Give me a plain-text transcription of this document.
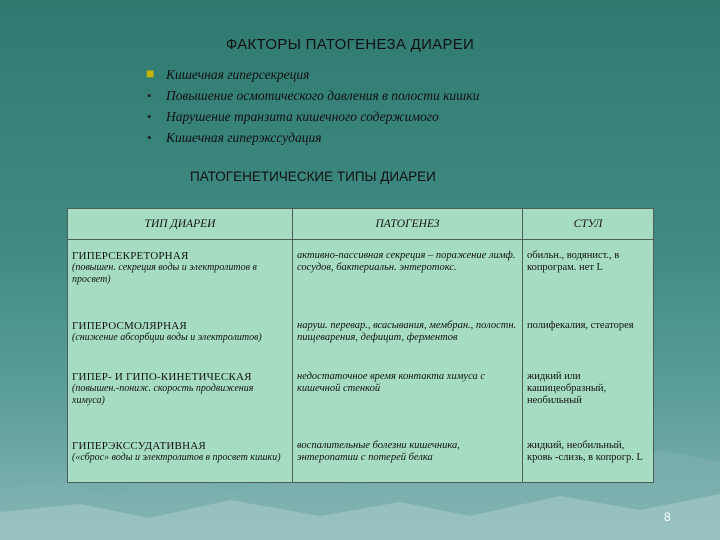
ФАКТОРЫ ПАТОГЕНЕЗА ДИАРЕИ
■ Кишечная гиперсекреция
• Повышение осмотического давления в полости кишки
• Нарушение транзита кишечного содержимого
• Кишечная гиперэкссудация
ПАТОГЕНЕТИЧЕСКИЕ ТИПЫ ДИАРЕИ
ТИП ДИАРЕИ	ПАТОГЕНЕЗ	СТУЛ

ГИПЕРСЕКРЕТОРНАЯ
(повышен. секреция воды и электролитов в просвет)	активно-пассивная секреция – поражение лимф. сосудов, бактериальн. энтеротокс.	обильн., водянист., в копрограм. нет L

ГИПЕРОСМОЛЯРНАЯ
(снижение абсорбции воды и электролитов)	наруш. перевар., всасывания, мембран., полостн. пищеварения, дефицит, ферментов	полифекалия, стеаторея

ГИПЕР- И ГИПО-КИНЕТИЧЕСКАЯ
(повышен.-пониж. скорость продвижения химуса)	недостаточное время контакта химуса с кишечной стенкой	жидкий или кашицеобразный, необильный

ГИПЕРЭКССУДАТИВНАЯ
(«сброс» воды и электролитов в просвет кишки)	воспалительные болезни кишечника, энтеропатии с потерей белка	жидкий, необильный, кровь -слизь, в копрогр. L
8
